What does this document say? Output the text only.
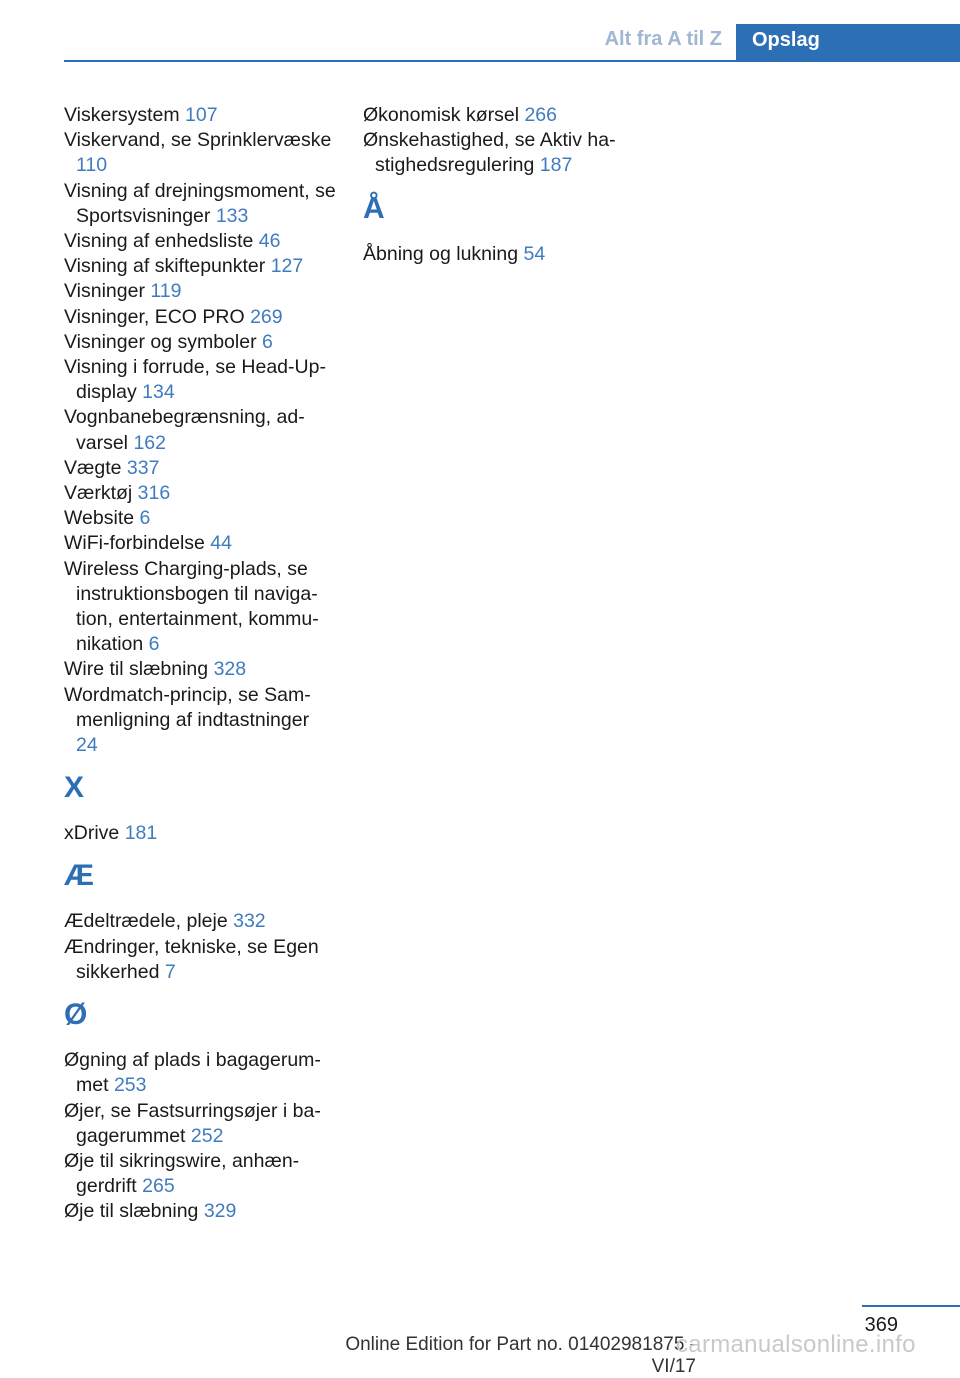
Alt fra A til Z	Opslag
Viskersystem 107
Viskervand, se Sprinklervæske 110
Visning af drejningsmoment, se Sportsvisninger 133
Visning af enhedsliste 46
Visning af skiftepunkter 127
Visninger 119
Visninger, ECO PRO 269
Visninger og symboler 6
Visning i forrude, se Head-Up-display 134
Vognbanebegrænsning, advarsel 162
Vægte 337
Værktøj 316
Website 6
WiFi-forbindelse 44
Wireless Charging-plads, se instruktionsbogen til navigation, entertainment, kommunikation 6
Wire til slæbning 328
Wordmatch-princip, se Sammenligning af indtastninger 24
X
xDrive 181
Æ
Ædeltrædele, pleje 332
Ændringer, tekniske, se Egen sikkerhed 7
Ø
Øgning af plads i bagagerummet 253
Øjer, se Fastsurringsøjer i bagagerummet 252
Øje til sikringswire, anhængerdrift 265
Øje til slæbning 329
Økonomisk kørsel 266
Ønskehastighed, se Aktiv hastighedsregulering 187
Å
Åbning og lukning 54
369
Online Edition for Part no. 01402981875 - VI/17
carmanualsonline.info
